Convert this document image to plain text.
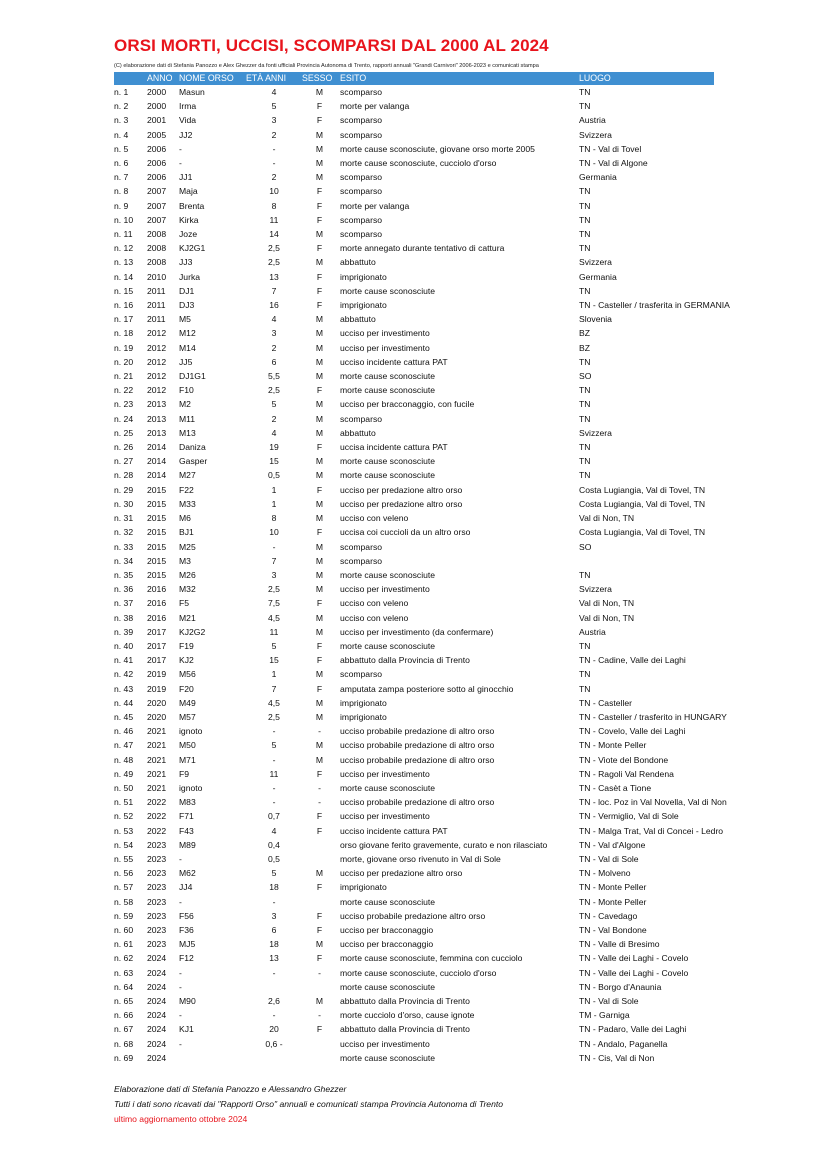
ORSI MORTI, UCCISI, SCOMPARSI DAL 2000 AL 2024
(C) elaborazione dati di Stefania Panozzo e Alex Ghezzer da fonti ufficiali Provincia Autonoma di Trento, rapporti annuali "Grandi Carnivori" 2006-2023 e comunicati stampa
	ANNO	NOME ORSO	ETÀ ANNI	SESSO	ESITO	LUOGO
n. 1	2000	Masun	4	M	scomparso	TN
n. 2	2000	Irma	5	F	morte per valanga	TN
n. 3	2001	Vida	3	F	scomparso	Austria
n. 4	2005	JJ2	2	M	scomparso	Svizzera
n. 5	2006	-	-	M	morte cause sconosciute, giovane orso morte 2005	TN - Val di Tovel
n. 6	2006	-	-	M	morte cause sconosciute, cucciolo d'orso	TN - Val di Algone
n. 7	2006	JJ1	2	M	scomparso	Germania
n. 8	2007	Maja	10	F	scomparso	TN
n. 9	2007	Brenta	8	F	morte per valanga	TN
n. 10	2007	Kirka	11	F	scomparso	TN
n. 11	2008	Joze	14	M	scomparso	TN
n. 12	2008	KJ2G1	2,5	F	morte annegato durante tentativo di cattura	TN
n. 13	2008	JJ3	2,5	M	abbattuto	Svizzera
n. 14	2010	Jurka	13	F	imprigionato	Germania
n. 15	2011	DJ1	7	F	morte cause sconosciute	TN
n. 16	2011	DJ3	16	F	imprigionato	TN - Casteller / trasferita in GERMANIA
n. 17	2011	M5	4	M	abbattuto	Slovenia
n. 18	2012	M12	3	M	ucciso per investimento	BZ
n. 19	2012	M14	2	M	ucciso per investimento	BZ
n. 20	2012	JJ5	6	M	ucciso incidente cattura PAT	TN
n. 21	2012	DJ1G1	5,5	M	morte cause sconosciute	SO
n. 22	2012	F10	2,5	F	morte cause sconosciute	TN
n. 23	2013	M2	5	M	ucciso per bracconaggio, con fucile	TN
n. 24	2013	M11	2	M	scomparso	TN
n. 25	2013	M13	4	M	abbattuto	Svizzera
n. 26	2014	Daniza	19	F	uccisa incidente cattura PAT	TN
n. 27	2014	Gasper	15	M	morte cause sconosciute	TN
n. 28	2014	M27	0,5	M	morte cause sconosciute	TN
n. 29	2015	F22	1	F	ucciso per predazione altro orso	Costa Lugiangia, Val di Tovel, TN
n. 30	2015	M33	1	M	ucciso per predazione altro orso	Costa Lugiangia, Val di Tovel, TN
n. 31	2015	M6	8	M	ucciso con veleno	Val di Non, TN
n. 32	2015	BJ1	10	F	uccisa coi cuccioli da un altro orso	Costa Lugiangia, Val di Tovel, TN
n. 33	2015	M25	-	M	scomparso	SO
n. 34	2015	M3	7	M	scomparso	
n. 35	2015	M26	3	M	morte cause sconosciute	TN
n. 36	2016	M32	2,5	M	ucciso per investimento	Svizzera
n. 37	2016	F5	7,5	F	ucciso con veleno	Val di Non, TN
n. 38	2016	M21	4,5	M	ucciso con veleno	Val di Non, TN
n. 39	2017	KJ2G2	11	M	ucciso per investimento (da confermare)	Austria
n. 40	2017	F19	5	F	morte cause sconosciute	TN
n. 41	2017	KJ2	15	F	abbattuto dalla Provincia di Trento	TN - Cadine, Valle dei Laghi
n. 42	2019	M56	1	M	scomparso	TN
n. 43	2019	F20	7	F	amputata zampa posteriore sotto al ginocchio	TN
n. 44	2020	M49	4,5	M	imprigionato	TN - Casteller
n. 45	2020	M57	2,5	M	imprigionato	TN - Casteller / trasferito in HUNGARY
n. 46	2021	ignoto	-	-	ucciso probabile predazione di altro orso	TN - Covelo, Valle dei Laghi
n. 47	2021	M50	5	M	ucciso probabile predazione di altro orso	TN - Monte Peller
n. 48	2021	M71	-	M	ucciso probabile predazione di altro orso	TN - Viote del Bondone
n. 49	2021	F9	11	F	ucciso per investimento	TN - Ragoli Val Rendena
n. 50	2021	ignoto	-	-	morte cause sconosciute	TN - Casèt a Tione
n. 51	2022	M83	-	-	ucciso probabile predazione di altro orso	TN - loc. Poz in Val Novella, Val di Non
n. 52	2022	F71	0,7	F	ucciso per investimento	TN - Vermiglio, Val di Sole
n. 53	2022	F43	4	F	ucciso incidente cattura PAT	TN - Malga Trat, Val di Concei - Ledro
n. 54	2023	M89	0,4		orso giovane ferito gravemente, curato e non rilasciato	TN - Val d'Algone
n. 55	2023	-	0,5		morte, giovane orso rivenuto in Val di Sole	TN - Val di Sole
n. 56	2023	M62	5	M	ucciso per predazione altro orso	TN - Molveno
n. 57	2023	JJ4	18	F	imprigionato	TN - Monte Peller
n. 58	2023	-	-		morte cause sconosciute	TN - Monte Peller
n. 59	2023	F56	3	F	ucciso probabile predazione altro orso	TN - Cavedago
n. 60	2023	F36	6	F	ucciso per bracconaggio	TN - Val Bondone
n. 61	2023	MJ5	18	M	ucciso per bracconaggio	TN - Valle di Bresimo
n. 62	2024	F12	13	F	morte cause sconosciute, femmina con cucciolo	TN - Valle dei Laghi - Covelo
n. 63	2024	-	-	-	morte cause sconosciute, cucciolo d'orso	TN - Valle dei Laghi - Covelo
n. 64	2024	-			morte cause sconosciute	TN - Borgo d'Anaunia
n. 65	2024	M90	2,6	M	abbattuto dalla Provincia di Trento	TN - Val di Sole
n. 66	2024	-	-	-	morte cucciolo d'orso, cause ignote	TM - Garniga
n. 67	2024	KJ1	20	F	abbattuto dalla Provincia di Trento	TN - Padaro, Valle dei Laghi
n. 68	2024	-	0,6 -		ucciso per investimento	TN - Andalo, Paganella
n. 69	2024				morte cause sconosciute	TN - Cis, Val di Non
Elaborazione dati di Stefania Panozzo e Alessandro Ghezzer
Tutti i dati sono ricavati dai "Rapporti Orso" annuali e comunicati stampa Provincia Autonoma di Trento
ultimo aggiornamento ottobre 2024
